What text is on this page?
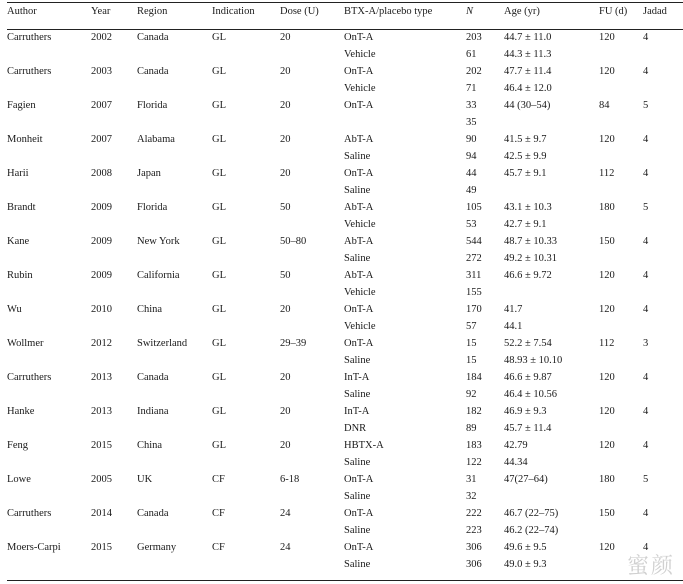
Author	Year	Region	Indication	Dose (U)	BTX-A/placebo type	N	Age (yr)	FU (d)	Jadad
Carruthers	2002	Canada	GL	20	OnT-A	203	44.7 ± 11.0	120	4
					Vehicle	61	44.3 ± 11.3		
Carruthers	2003	Canada	GL	20	OnT-A	202	47.7 ± 11.4	120	4
					Vehicle	71	46.4 ± 12.0		
Fagien	2007	Florida	GL	20	OnT-A	33	44 (30–54)	84	5
						35			
Monheit	2007	Alabama	GL	20	AbT-A	90	41.5 ± 9.7	120	4
					Saline	94	42.5 ± 9.9		
Harii	2008	Japan	GL	20	OnT-A	44	45.7 ± 9.1	112	4
					Saline	49			
Brandt	2009	Florida	GL	50	AbT-A	105	43.1 ± 10.3	180	5
					Vehicle	53	42.7 ± 9.1		
Kane	2009	New York	GL	50–80	AbT-A	544	48.7 ± 10.33	150	4
					Saline	272	49.2 ± 10.31		
Rubin	2009	California	GL	50	AbT-A	311	46.6 ± 9.72	120	4
					Vehicle	155			
Wu	2010	China	GL	20	OnT-A	170	41.7	120	4
					Vehicle	57	44.1		
Wollmer	2012	Switzerland	GL	29–39	OnT-A	15	52.2 ± 7.54	112	3
					Saline	15	48.93 ± 10.10		
Carruthers	2013	Canada	GL	20	InT-A	184	46.6 ± 9.87	120	4
					Saline	92	46.4 ± 10.56		
Hanke	2013	Indiana	GL	20	InT-A	182	46.9 ± 9.3	120	4
					DNR	89	45.7 ± 11.4		
Feng	2015	China	GL	20	HBTX-A	183	42.79	120	4
					Saline	122	44.34		
Lowe	2005	UK	CF	6-18	OnT-A	31	47(27–64)	180	5
					Saline	32			
Carruthers	2014	Canada	CF	24	OnT-A	222	46.7 (22–75)	150	4
					Saline	223	46.2 (22–74)		
Moers-Carpi	2015	Germany	CF	24	OnT-A	306	49.6 ± 9.5	120	4
					Saline	306	49.0 ± 9.3			蜜颜
